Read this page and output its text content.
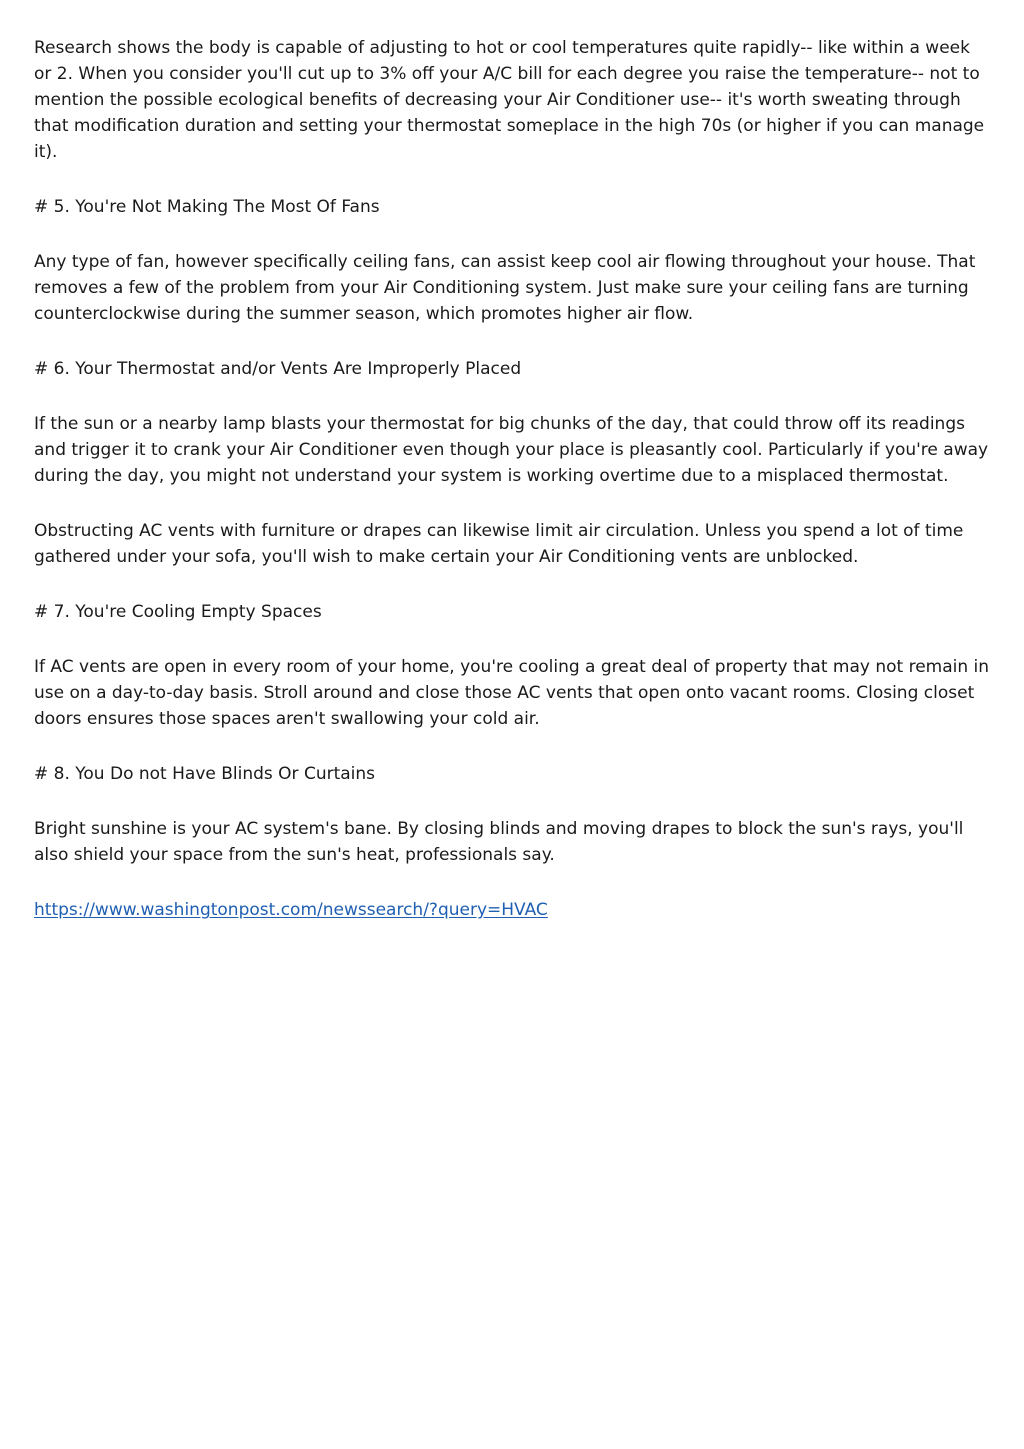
Research shows the body is capable of adjusting to hot or cool temperatures quite rapidly-- like within a week or 2. When you consider you'll cut up to 3% off your A/C bill for each degree you raise the temperature-- not to mention the possible ecological benefits of decreasing your Air Conditioner use-- it's worth sweating through that modification duration and setting your thermostat someplace in the high 70s (or higher if you can manage it).

# 5. You're Not Making The Most Of Fans

Any type of fan, however specifically ceiling fans, can assist keep cool air flowing throughout your house. That removes a few of the problem from your Air Conditioning system. Just make sure your ceiling fans are turning counterclockwise during the summer season, which promotes higher air flow.

# 6. Your Thermostat and/or Vents Are Improperly Placed

If the sun or a nearby lamp blasts your thermostat for big chunks of the day, that could throw off its readings and trigger it to crank your Air Conditioner even though your place is pleasantly cool. Particularly if you're away during the day, you might not understand your system is working overtime due to a misplaced thermostat.

Obstructing AC vents with furniture or drapes can likewise limit air circulation. Unless you spend a lot of time gathered under your sofa, you'll wish to make certain your Air Conditioning vents are unblocked.

# 7. You're Cooling Empty Spaces

If AC vents are open in every room of your home, you're cooling a great deal of property that may not remain in use on a day-to-day basis. Stroll around and close those AC vents that open onto vacant rooms. Closing closet doors ensures those spaces aren't swallowing your cold air.

# 8. You Do not Have Blinds Or Curtains

Bright sunshine is your AC system's bane. By closing blinds and moving drapes to block the sun's rays, you'll also shield your space from the sun's heat, professionals say.

https://www.washingtonpost.com/newssearch/?query=HVAC
